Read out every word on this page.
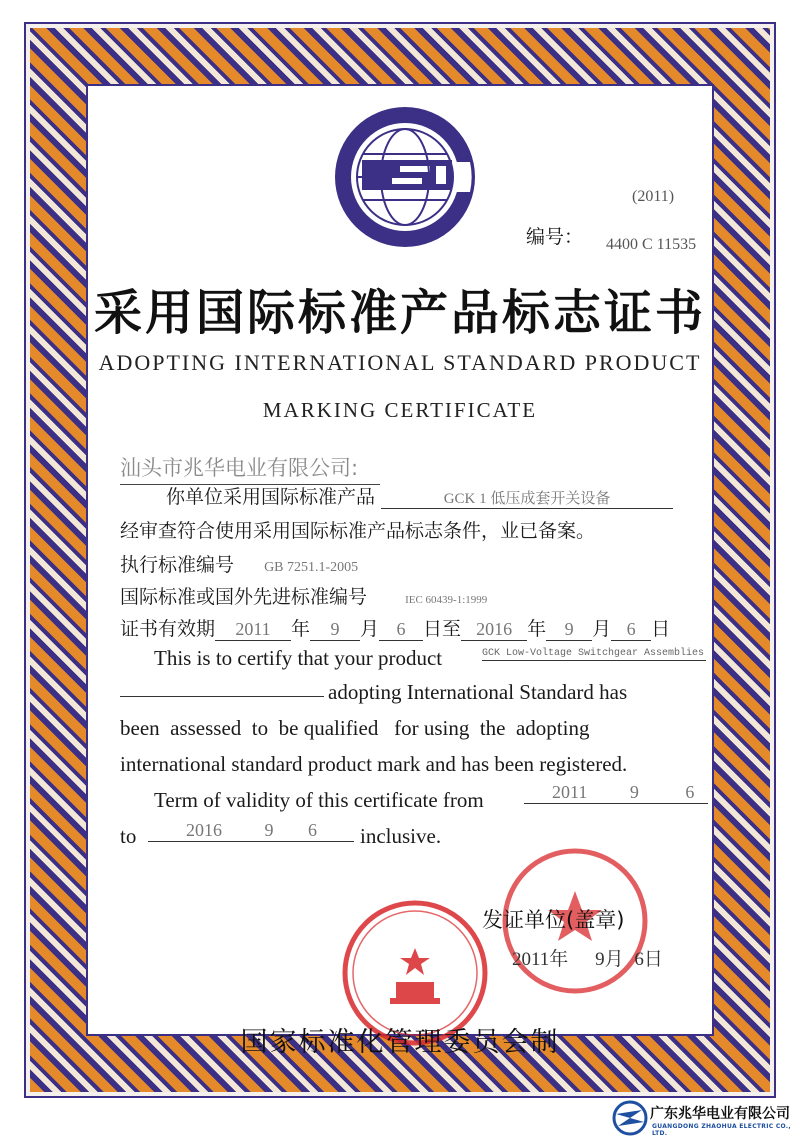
(2011)
编号： 4400 C 11535
采用国际标准产品标志证书
ADOPTING INTERNATIONAL STANDARD PRODUCT
MARKING CERTIFICATE
汕头市兆华电业有限公司:
你单位采用国际标准产品	GCK 1 低压成套开关设备
经审查符合使用采用国际标准产品标志条件，业已备案。
执行标准编号 GB 7251.1-2005
国际标准或国外先进标准编号	IEC 60439-1:1999
证书有效期 2011 年 9 月 6 日至 2016 年 9 月 6 日
This is to certify that your product	GCK Low-Voltage Switchgear Assemblies
adopting International Standard has
been  assessed  to  be qualified   for using  the  adopting
international standard product mark and has been registered.
Term of validity of this certificate from	2011 9	6
to	2016 9 6	inclusive.
发证单位(盖章)
2011年 9月 6日
国家标准化管理委员会制
广东兆华电业有限公司
GUANGDONG ZHAOHUA ELECTRIC CO., LTD.
